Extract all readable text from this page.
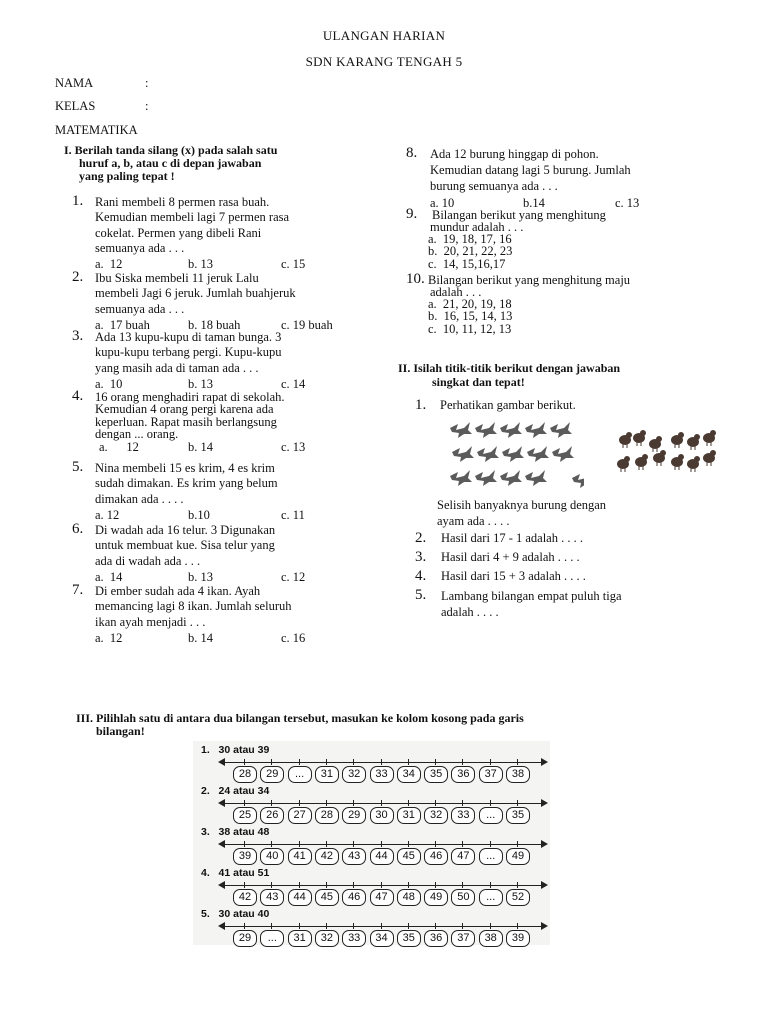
ULANGAN HARIAN
SDN KARANG TENGAH 5
NAMA	:
KELAS	:
MATEMATIKA
I. Berilah tanda silang (x) pada salah satu
huruf a, b, atau c di depan jawaban
yang paling tepat !
1. Rani membeli 8 permen rasa buah.
Kemudian membeli lagi 7 permen rasa
cokelat. Permen yang dibeli Rani
semuanya ada . . .
a.  12	b. 13	c. 15
2. Ibu Siska membeli 11 jeruk Lalu
membeli Jagi 6 jeruk. Jumlah buahjeruk
semuanya ada . . .
a.  17 buah	b. 18 buah	c. 19 buah
3. Ada 13 kupu-kupu di taman bunga. 3
kupu-kupu terbang pergi. Kupu-kupu
yang masih ada di taman ada . . .
a.  10	b. 13	c. 14
4. 16 orang menghadiri rapat di sekolah.
Kemudian 4 orang pergi karena ada
keperluan. Rapat masih berlangsung
dengan ... orang.
a.      12	b. 14	c. 13
5. Nina membeli 15 es krim, 4 es krim
sudah dimakan. Es krim yang belum
dimakan ada . . . .
a. 12	b.10	c. 11
6. Di wadah ada 16 telur. 3 Digunakan
untuk membuat kue. Sisa telur yang
ada di wadah ada . . .
a.  14	b. 13	c. 12
7. Di ember sudah ada 4 ikan. Ayah
memancing lagi 8 ikan. Jumlah seluruh
ikan ayah menjadi . . .
a.  12	b. 14	c. 16
8. Ada 12 burung hinggap di pohon.
Kemudian datang lagi 5 burung. Jumlah
burung semuanya ada . . .
a. 10	b.14	c. 13
9. Bilangan berikut yang menghitung
mundur adalah . . .
a.  19, 18, 17, 16
b.  20, 21, 22, 23
c.  14, 15,16,17
10. Bilangan berikut yang menghitung maju
adalah . . .
a.  21, 20, 19, 18
b.  16, 15, 14, 13
c.  10, 11, 12, 13
II. Isilah titik-titik berikut dengan jawaban
singkat dan tepat!
1. Perhatikan gambar berikut.
Selisih banyaknya burung dengan
ayam ada . . . .
2. Hasil dari 17 - 1 adalah . . . .
3. Hasil dari 4 + 9 adalah . . . .
4. Hasil dari 15 + 3 adalah . . . .
5. Lambang bilangan empat puluh tiga
adalah . . . .
III. Pilihlah satu di antara dua bilangan tersebut, masukan ke kolom kosong pada garis
bilangan!
1.   30 atau 39
28	29	...	31	32	33	34	35	36	37	38
2.   24 atau 34
25	26	27	28	29	30	31	32	33	...	35
3.   38 atau 48
39	40	41	42	43	44	45	46	47	...	49
4.   41 atau 51
42	43	44	45	46	47	48	49	50	...	52
5.   30 atau 40
29	...	31	32	33	34	35	36	37	38	39
